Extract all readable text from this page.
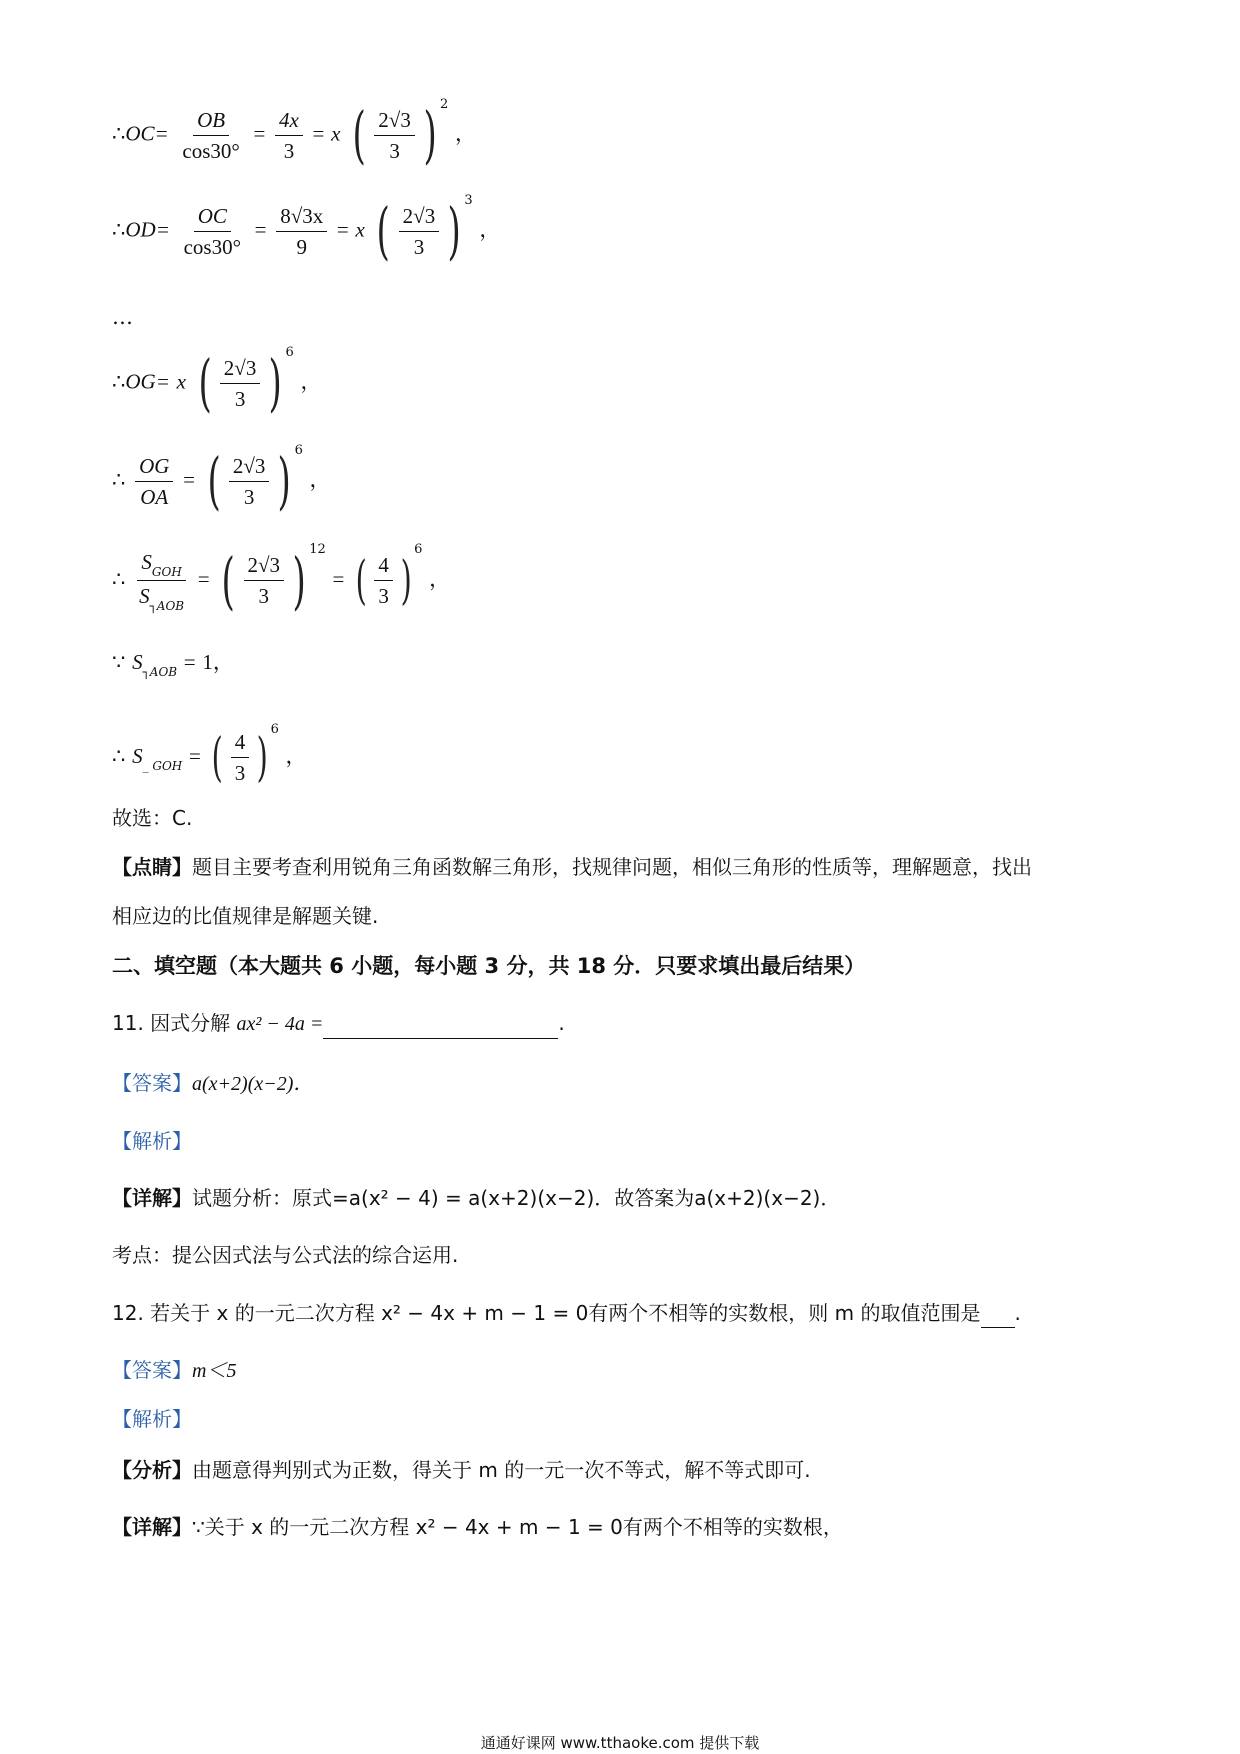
∴OC= $\frac{OB}{\cos 30^\circ} = \frac{4x}{3} = x$ ( $\frac{2√3}{3}$ ) $^2$ ，
∴OD= $\frac{OC}{\cos 30^\circ} = \frac{8√3x}{9} = x$ ( $\frac{2√3}{3}$ ) $^3$ ，
…
∴OG= x ( $\frac{2√3}{3}$ ) $^6$ ，
∴ $\frac{OG}{OA}$ = ( $\frac{2√3}{3}$ ) $^6$ ，
∴ $\frac{S_{GOH}}{S_{┐AOB}}$ = ( $\frac{2√3}{3}$ ) $^{12}$ = ( $\frac{4}{3}$ )
$^6$ ，
∵ $S_{┐AOB} = 1$，
∴ $S_{\_ GOH}$ = ( $\frac{4}{3}$ ) $^6$ ，
故选：C.
【点睛】题目主要考查利用锐角三角函数解三角形，找规律问题，相似三角形的性质等，理解题意，找出
相应边的比值规律是解题关键.
二、填空题（本大题共 6 小题，每小题 3 分，共 18 分．只要求填出最后结果）
11. 因式分解 ax² − 4a =	.
【答案】a(x+2)(x−2)．
【解析】
【详解】试题分析：原式=a(x² − 4) = a(x+2)(x−2)．故答案为a(x+2)(x−2)．
考点：提公因式法与公式法的综合运用.
12. 若关于 x 的一元二次方程 x² − 4x + m − 1 = 0有两个不相等的实数根，则 m 的取值范围是 .
【答案】m＜5
【解析】
【分析】由题意得判别式为正数，得关于 m 的一元一次不等式，解不等式即可.
【详解】∵关于 x 的一元二次方程 x² − 4x + m − 1 = 0有两个不相等的实数根，
通通好课网 www.tthaoke.com 提供下载
